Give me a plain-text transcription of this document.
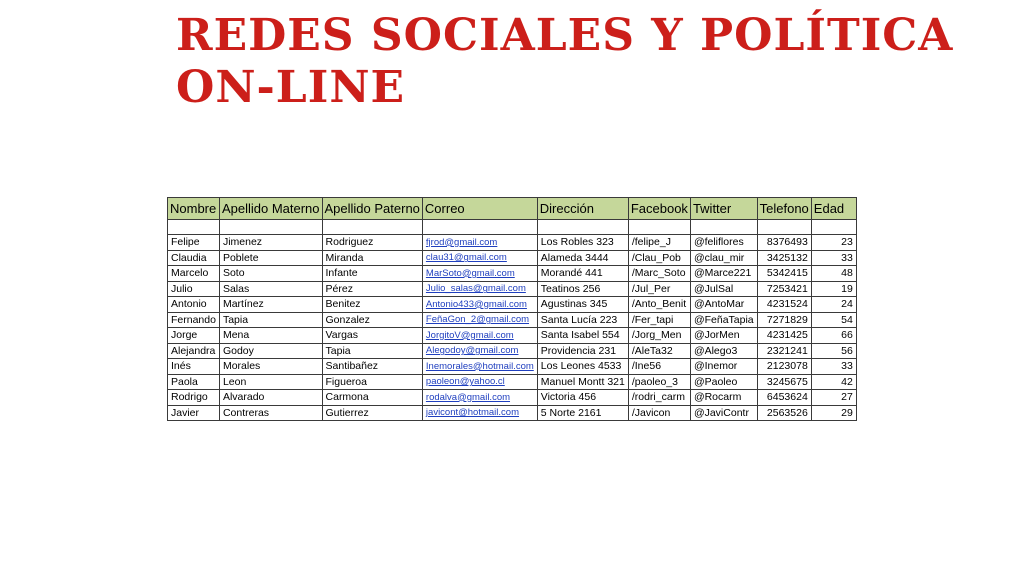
REDES SOCIALES Y POLÍTICA
ON-LINE
Nombre	Apellido Materno	Apellido Paterno	Correo	Dirección	Facebook	Twitter	Telefono	Edad

Felipe	Jimenez	Rodriguez	fjrod@gmail.com	Los Robles 323	/felipe_J	@feliflores	8376493	23
Claudia	Poblete	Miranda	clau31@gmail.com	Alameda 3444	/Clau_Pob	@clau_mir	3425132	33
Marcelo	Soto	Infante	MarSoto@gmail.com	Morandé 441	/Marc_Soto	@Marce221	5342415	48
Julio	Salas	Pérez	Julio_salas@gmail.com	Teatinos 256	/Jul_Per	@JulSal	7253421	19
Antonio	Martínez	Benitez	Antonio433@gmail.com	Agustinas 345	/Anto_Benit	@AntoMar	4231524	24
Fernando	Tapia	Gonzalez	FeñaGon_2@gmail.com	Santa Lucía 223	/Fer_tapi	@FeñaTapia	7271829	54
Jorge	Mena	Vargas	JorgitoV@gmail.com	Santa Isabel 554	/Jorg_Men	@JorMen	4231425	66
Alejandra	Godoy	Tapia	Alegodoy@gmail.com	Providencia 231	/AleTa32	@Alego3	2321241	56
Inés	Morales	Santibañez	Inemorales@hotmail.com	Los Leones 4533	/Ine56	@Inemor	2123078	33
Paola	Leon	Figueroa	paoleon@yahoo.cl	Manuel Montt 321	/paoleo_3	@Paoleo	3245675	42
Rodrigo	Alvarado	Carmona	rodalva@gmail.com	Victoria 456	/rodri_carm	@Rocarm	6453624	27
Javier	Contreras	Gutierrez	javicont@hotmail.com	5 Norte 2161	/Javicon	@JaviContr	2563526	29
